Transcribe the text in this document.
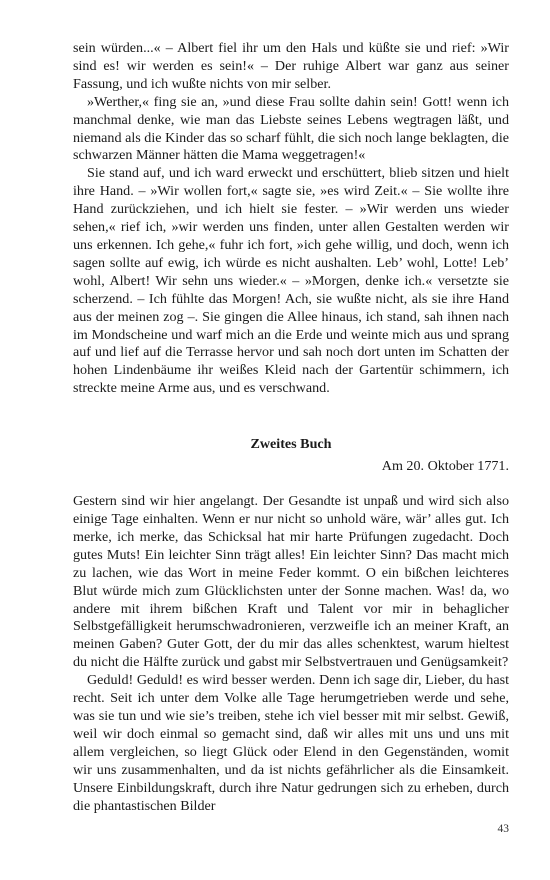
sein würden...« – Albert fiel ihr um den Hals und küßte sie und rief: »Wir sind es! wir werden es sein!« – Der ruhige Albert war ganz aus seiner Fassung, und ich wußte nichts von mir selber.

»Werther,« fing sie an, »und diese Frau sollte dahin sein! Gott! wenn ich manchmal denke, wie man das Liebste seines Lebens wegtragen läßt, und niemand als die Kinder das so scharf fühlt, die sich noch lange beklagten, die schwarzen Männer hätten die Mama weggetragen!«

Sie stand auf, und ich ward erweckt und erschüttert, blieb sitzen und hielt ihre Hand. – »Wir wollen fort,« sagte sie, »es wird Zeit.« – Sie wollte ihre Hand zurückziehen, und ich hielt sie fester. – »Wir werden uns wieder sehen,« rief ich, »wir werden uns finden, unter allen Gestalten werden wir uns erkennen. Ich gehe,« fuhr ich fort, »ich gehe willig, und doch, wenn ich sagen sollte auf ewig, ich würde es nicht aushalten. Leb’ wohl, Lotte! Leb’ wohl, Albert! Wir sehn uns wieder.« – »Morgen, denke ich.« versetzte sie scherzend. – Ich fühlte das Morgen! Ach, sie wußte nicht, als sie ihre Hand aus der meinen zog –. Sie gingen die Allee hinaus, ich stand, sah ihnen nach im Mondscheine und warf mich an die Erde und weinte mich aus und sprang auf und lief auf die Terrasse hervor und sah noch dort unten im Schatten der hohen Lindenbäume ihr weißes Kleid nach der Gartentür schimmern, ich streckte meine Arme aus, und es verschwand.

Zweites Buch
Am 20. Oktober 1771.

Gestern sind wir hier angelangt. Der Gesandte ist unpaß und wird sich also einige Tage einhalten. Wenn er nur nicht so unhold wäre, wär’ alles gut. Ich merke, ich merke, das Schicksal hat mir harte Prüfungen zugedacht. Doch gutes Muts! Ein leichter Sinn trägt alles! Ein leichter Sinn? Das macht mich zu lachen, wie das Wort in meine Feder kommt. O ein bißchen leichteres Blut würde mich zum Glücklichsten unter der Sonne machen. Was! da, wo andere mit ihrem bißchen Kraft und Talent vor mir in behaglicher Selbstgefälligkeit herumschwadronieren, verzweifle ich an meiner Kraft, an meinen Gaben? Guter Gott, der du mir das alles schenktest, warum hieltest du nicht die Hälfte zurück und gabst mir Selbstvertrauen und Genügsamkeit?

Geduld! Geduld! es wird besser werden. Denn ich sage dir, Lieber, du hast recht. Seit ich unter dem Volke alle Tage herumgetrieben werde und sehe, was sie tun und wie sie’s treiben, stehe ich viel besser mit mir selbst. Gewiß, weil wir doch einmal so gemacht sind, daß wir alles mit uns und uns mit allem vergleichen, so liegt Glück oder Elend in den Gegenständen, womit wir uns zusammenhalten, und da ist nichts gefährlicher als die Einsamkeit. Unsere Einbildungskraft, durch ihre Natur gedrungen sich zu erheben, durch die phantastischen Bilder

43
